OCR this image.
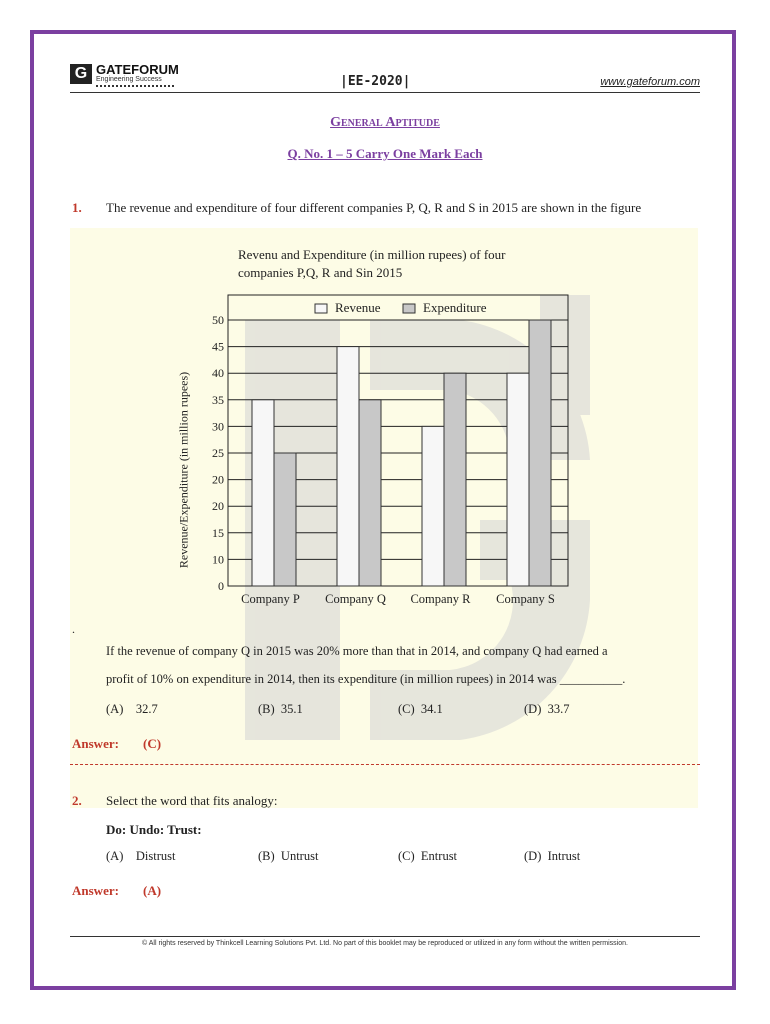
G GATEFORUM
Engineering Success	|EE-2020|	www.gateforum.com
General Aptitude
Q. No. 1 – 5 Carry One Mark Each
1. The revenue and expenditure of four different companies P, Q, R and S in 2015 are shown in the figure
Revenu and Expenditure (in million rupees) of four companies P,Q, R and Sin 2015
Revenue/Expenditure (in million rupees)
0
10
15
20
20
25
30
35
40
45
50
Company P Company Q Company R Company S
Revenue	Expenditure
.
If the revenue of company Q in 2015 was 20% more than that in 2014, and company Q had earned a
profit of 10% on expenditure in 2014, then its expenditure (in million rupees) in 2014 was __________.
(A) 32.7	(B) 35.1	(C) 34.1	(D) 33.7
Answer: (C)
2. Select the word that fits analogy:
Do: Undo: Trust:
(A) Distrust	(B) Untrust	(C) Entrust	(D) Intrust
Answer: (A)
© All rights reserved by Thinkcell Learning Solutions Pvt. Ltd. No part of this booklet may be reproduced or utilized in any form without the written permission.
